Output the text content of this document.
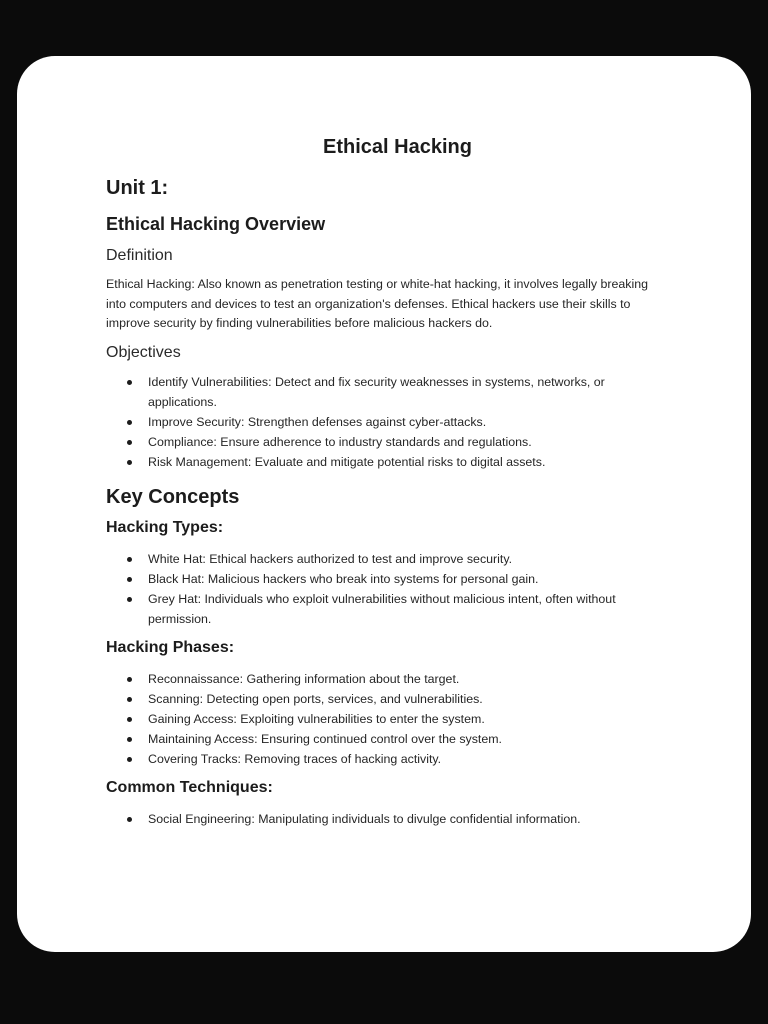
Ethical Hacking
Unit 1:
Ethical Hacking Overview
Definition

Ethical Hacking: Also known as penetration testing or white-hat hacking, it involves legally breaking into computers and devices to test an organization's defenses. Ethical hackers use their skills to improve security by finding vulnerabilities before malicious hackers do.

Objectives
Identify Vulnerabilities: Detect and fix security weaknesses in systems, networks, or applications.
Improve Security: Strengthen defenses against cyber-attacks.
Compliance: Ensure adherence to industry standards and regulations.
Risk Management: Evaluate and mitigate potential risks to digital assets.
Key Concepts
Hacking Types:
White Hat: Ethical hackers authorized to test and improve security.
Black Hat: Malicious hackers who break into systems for personal gain.
Grey Hat: Individuals who exploit vulnerabilities without malicious intent, often without permission.
Hacking Phases:
Reconnaissance: Gathering information about the target.
Scanning: Detecting open ports, services, and vulnerabilities.
Gaining Access: Exploiting vulnerabilities to enter the system.
Maintaining Access: Ensuring continued control over the system.
Covering Tracks: Removing traces of hacking activity.
Common Techniques:
Social Engineering: Manipulating individuals to divulge confidential information.
